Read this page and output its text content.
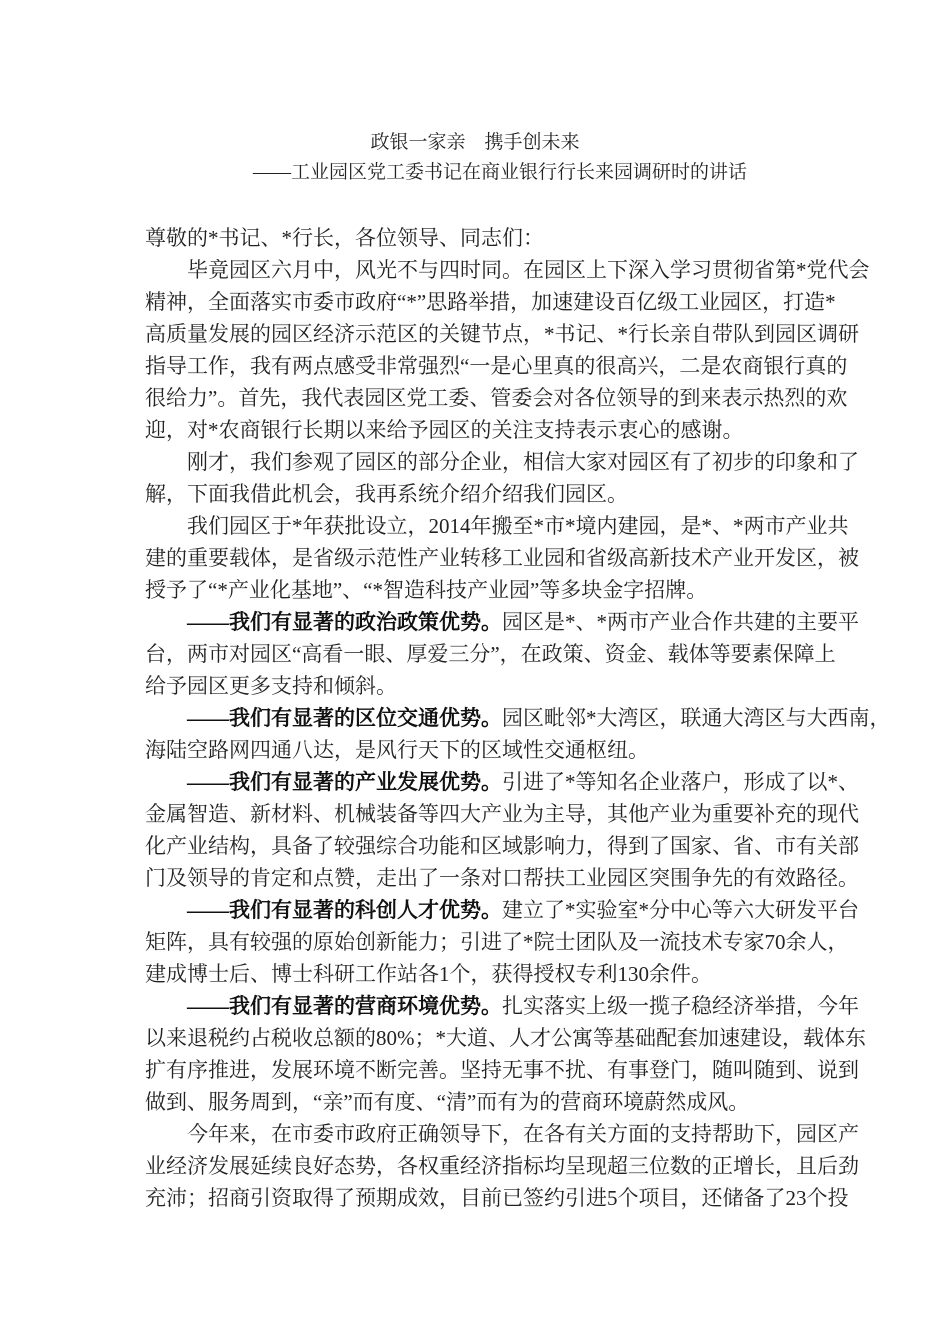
政银一家亲　携手创未来
——工业园区党工委书记在商业银行行长来园调研时的讲话
尊敬的*书记、*行长，各位领导、同志们：
毕竟园区六月中，风光不与四时同。在园区上下深入学习贯彻省第*党代会
精神，全面落实市委市政府“*”思路举措，加速建设百亿级工业园区，打造*
高质量发展的园区经济示范区的关键节点，*书记、*行长亲自带队到园区调研
指导工作，我有两点感受非常强烈“一是心里真的很高兴，二是农商银行真的
很给力”。首先，我代表园区党工委、管委会对各位领导的到来表示热烈的欢
迎，对*农商银行长期以来给予园区的关注支持表示衷心的感谢。
刚才，我们参观了园区的部分企业，相信大家对园区有了初步的印象和了
解，下面我借此机会，我再系统介绍介绍我们园区。
我们园区于*年获批设立，2014年搬至*市*境内建园，是*、*两市产业共
建的重要载体，是省级示范性产业转移工业园和省级高新技术产业开发区，被
授予了“*产业化基地”、“*智造科技产业园”等多块金字招牌。
——我们有显著的政治政策优势。园区是*、*两市产业合作共建的主要平
台，两市对园区“高看一眼、厚爱三分”，在政策、资金、载体等要素保障上
给予园区更多支持和倾斜。
——我们有显著的区位交通优势。园区毗邻*大湾区，联通大湾区与大西南，
海陆空路网四通八达，是风行天下的区域性交通枢纽。
——我们有显著的产业发展优势。引进了*等知名企业落户，形成了以*、
金属智造、新材料、机械装备等四大产业为主导，其他产业为重要补充的现代
化产业结构，具备了较强综合功能和区域影响力，得到了国家、省、市有关部
门及领导的肯定和点赞，走出了一条对口帮扶工业园区突围争先的有效路径。
——我们有显著的科创人才优势。建立了*实验室*分中心等六大研发平台
矩阵，具有较强的原始创新能力；引进了*院士团队及一流技术专家70余人，
建成博士后、博士科研工作站各1个，获得授权专利130余件。
——我们有显著的营商环境优势。扎实落实上级一揽子稳经济举措，今年
以来退税约占税收总额的80%；*大道、人才公寓等基础配套加速建设，载体东
扩有序推进，发展环境不断完善。坚持无事不扰、有事登门，随叫随到、说到
做到、服务周到，“亲”而有度、“清”而有为的营商环境蔚然成风。
今年来，在市委市政府正确领导下，在各有关方面的支持帮助下，园区产
业经济发展延续良好态势，各权重经济指标均呈现超三位数的正增长，且后劲
充沛；招商引资取得了预期成效，目前已签约引进5个项目，还储备了23个投
